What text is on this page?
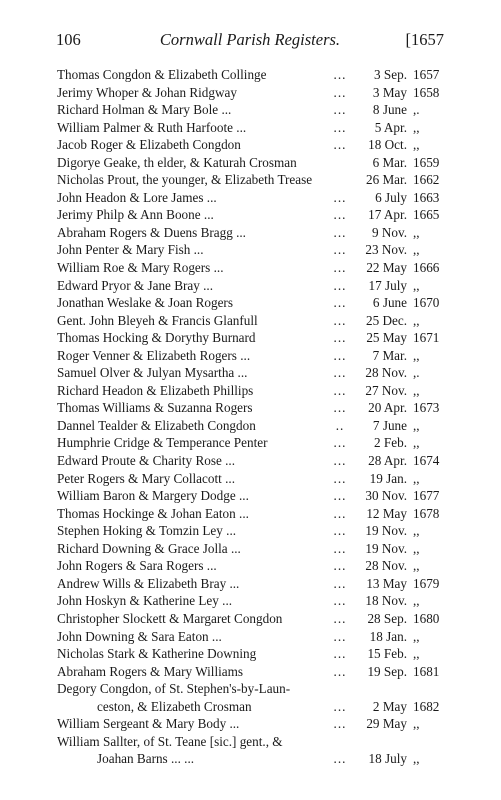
106	Cornwall Parish Registers.	[1657
Thomas Congdon & Elizabeth Collinge	...	3 Sep. 1657
Jerimy Whoper & Johan Ridgway	...	3 May 1658
Richard Holman & Mary Bole ...	...	8 June ,.
William Palmer & Ruth Harfoote ...	...	5 Apr. ,,
Jacob Roger & Elizabeth Congdon	...	18 Oct. ,,
Digorye Geake, th elder, & Katurah Crosman	6 Mar. 1659
Nicholas Prout, the younger, & Elizabeth Trease	26 Mar. 1662
John Headon & Lore James ...	...	6 July 1663
Jerimy Philp & Ann Boone ...	...	17 Apr. 1665
Abraham Rogers & Duens Bragg ...	...	9 Nov. ,,
John Penter & Mary Fish ...	...	23 Nov. ,,
William Roe & Mary Rogers ...	...	22 May 1666
Edward Pryor & Jane Bray ...	...	17 July ,,
Jonathan Weslake & Joan Rogers	...	6 June 1670
Gent. John Bleyeh & Francis Glanfull	...	25 Dec. ,,
Thomas Hocking & Dorythy Burnard	...	25 May 1671
Roger Venner & Elizabeth Rogers ...	...	7 Mar. ,,
Samuel Olver & Julyan Mysartha ...	...	28 Nov. ,.
Richard Headon & Elizabeth Phillips	...	27 Nov. ,,
Thomas Williams & Suzanna Rogers	...	20 Apr. 1673
Dannel Tealder & Elizabeth Congdon	..	7 June ,,
Humphrie Cridge & Temperance Penter	...	2 Feb. ,,
Edward Proute & Charity Rose ...	...	28 Apr. 1674
Peter Rogers & Mary Collacott ...	...	19 Jan. ,,
William Baron & Margery Dodge ...	...	30 Nov. 1677
Thomas Hockinge & Johan Eaton ...	...	12 May 1678
Stephen Hoking & Tomzin Ley ...	...	19 Nov. ,,
Richard Downing & Grace Jolla ...	...	19 Nov. ,,
John Rogers & Sara Rogers ...	...	28 Nov. ,,
Andrew Wills & Elizabeth Bray ...	...	13 May 1679
John Hoskyn & Katherine Ley ...	...	18 Nov. ,,
Christopher Slockett & Margaret Congdon	...	28 Sep. 1680
John Downing & Sara Eaton ...	...	18 Jan. ,,
Nicholas Stark & Katherine Downing	...	15 Feb. ,,
Abraham Rogers & Mary Williams	...	19 Sep. 1681
Degory Congdon, of St. Stephen's-by-Laun-
ceston, & Elizabeth Crosman	...	2 May 1682
William Sergeant & Mary Body ...	...	29 May ,,
William Sallter, of St. Teane [sic.] gent., &
Joahan Barns ... ...	...	18 July ,,
